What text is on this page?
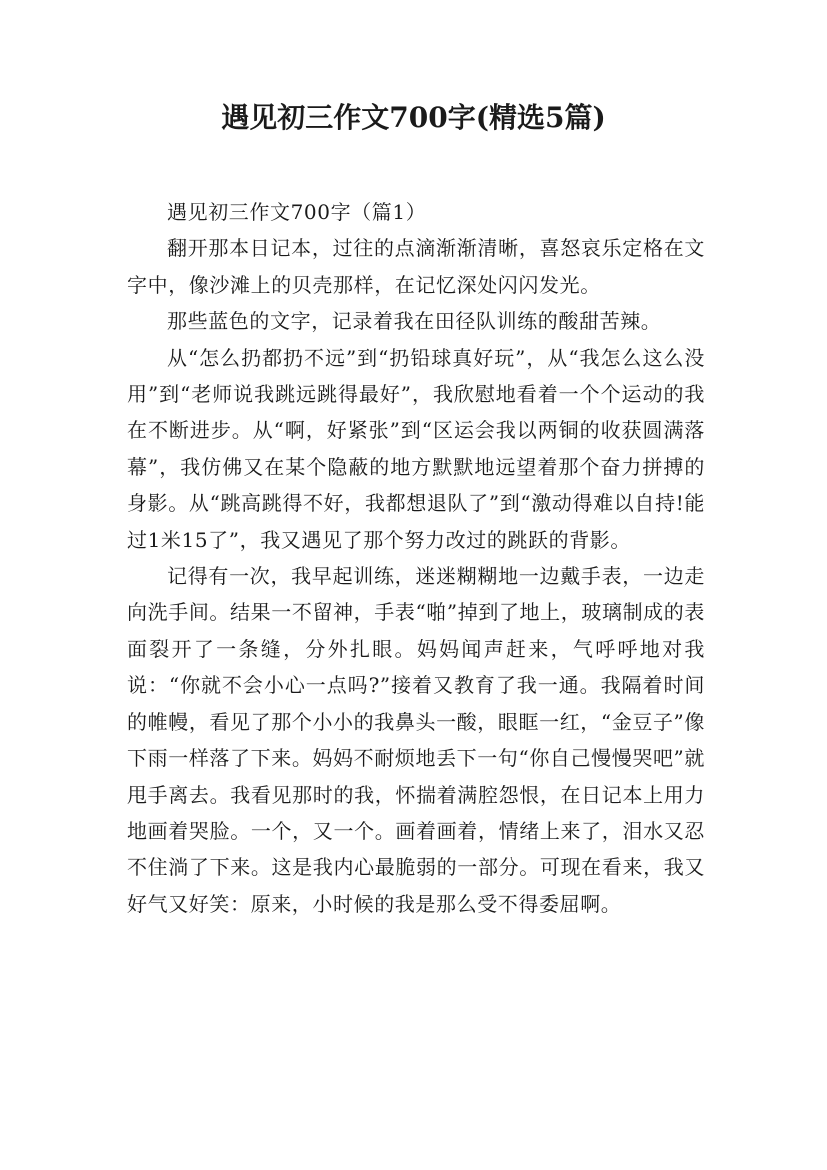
遇见初三作文700字(精选5篇)

遇见初三作文700字（篇1）

翻开那本日记本，过往的点滴渐渐清晰，喜怒哀乐定格在文字中，像沙滩上的贝壳那样，在记忆深处闪闪发光。

那些蓝色的文字，记录着我在田径队训练的酸甜苦辣。

从“怎么扔都扔不远”到“扔铅球真好玩”，从“我怎么这么没用”到“老师说我跳远跳得最好”，我欣慰地看着一个个运动的我在不断进步。从“啊，好紧张”到“区运会我以两铜的收获圆满落幕”，我仿佛又在某个隐蔽的地方默默地远望着那个奋力拼搏的身影。从“跳高跳得不好，我都想退队了”到“激动得难以自持!能过1米15了”，我又遇见了那个努力改过的跳跃的背影。

记得有一次，我早起训练，迷迷糊糊地一边戴手表，一边走向洗手间。结果一不留神，手表“啪”掉到了地上，玻璃制成的表面裂开了一条缝，分外扎眼。妈妈闻声赶来，气呼呼地对我说：“你就不会小心一点吗?”接着又教育了我一通。我隔着时间的帷幔，看见了那个小小的我鼻头一酸，眼眶一红，“金豆子”像下雨一样落了下来。妈妈不耐烦地丢下一句“你自己慢慢哭吧”就甩手离去。我看见那时的我，怀揣着满腔怨恨，在日记本上用力地画着哭脸。一个，又一个。画着画着，情绪上来了，泪水又忍不住淌了下来。这是我内心最脆弱的一部分。可现在看来，我又好气又好笑：原来，小时候的我是那么受不得委屈啊。
